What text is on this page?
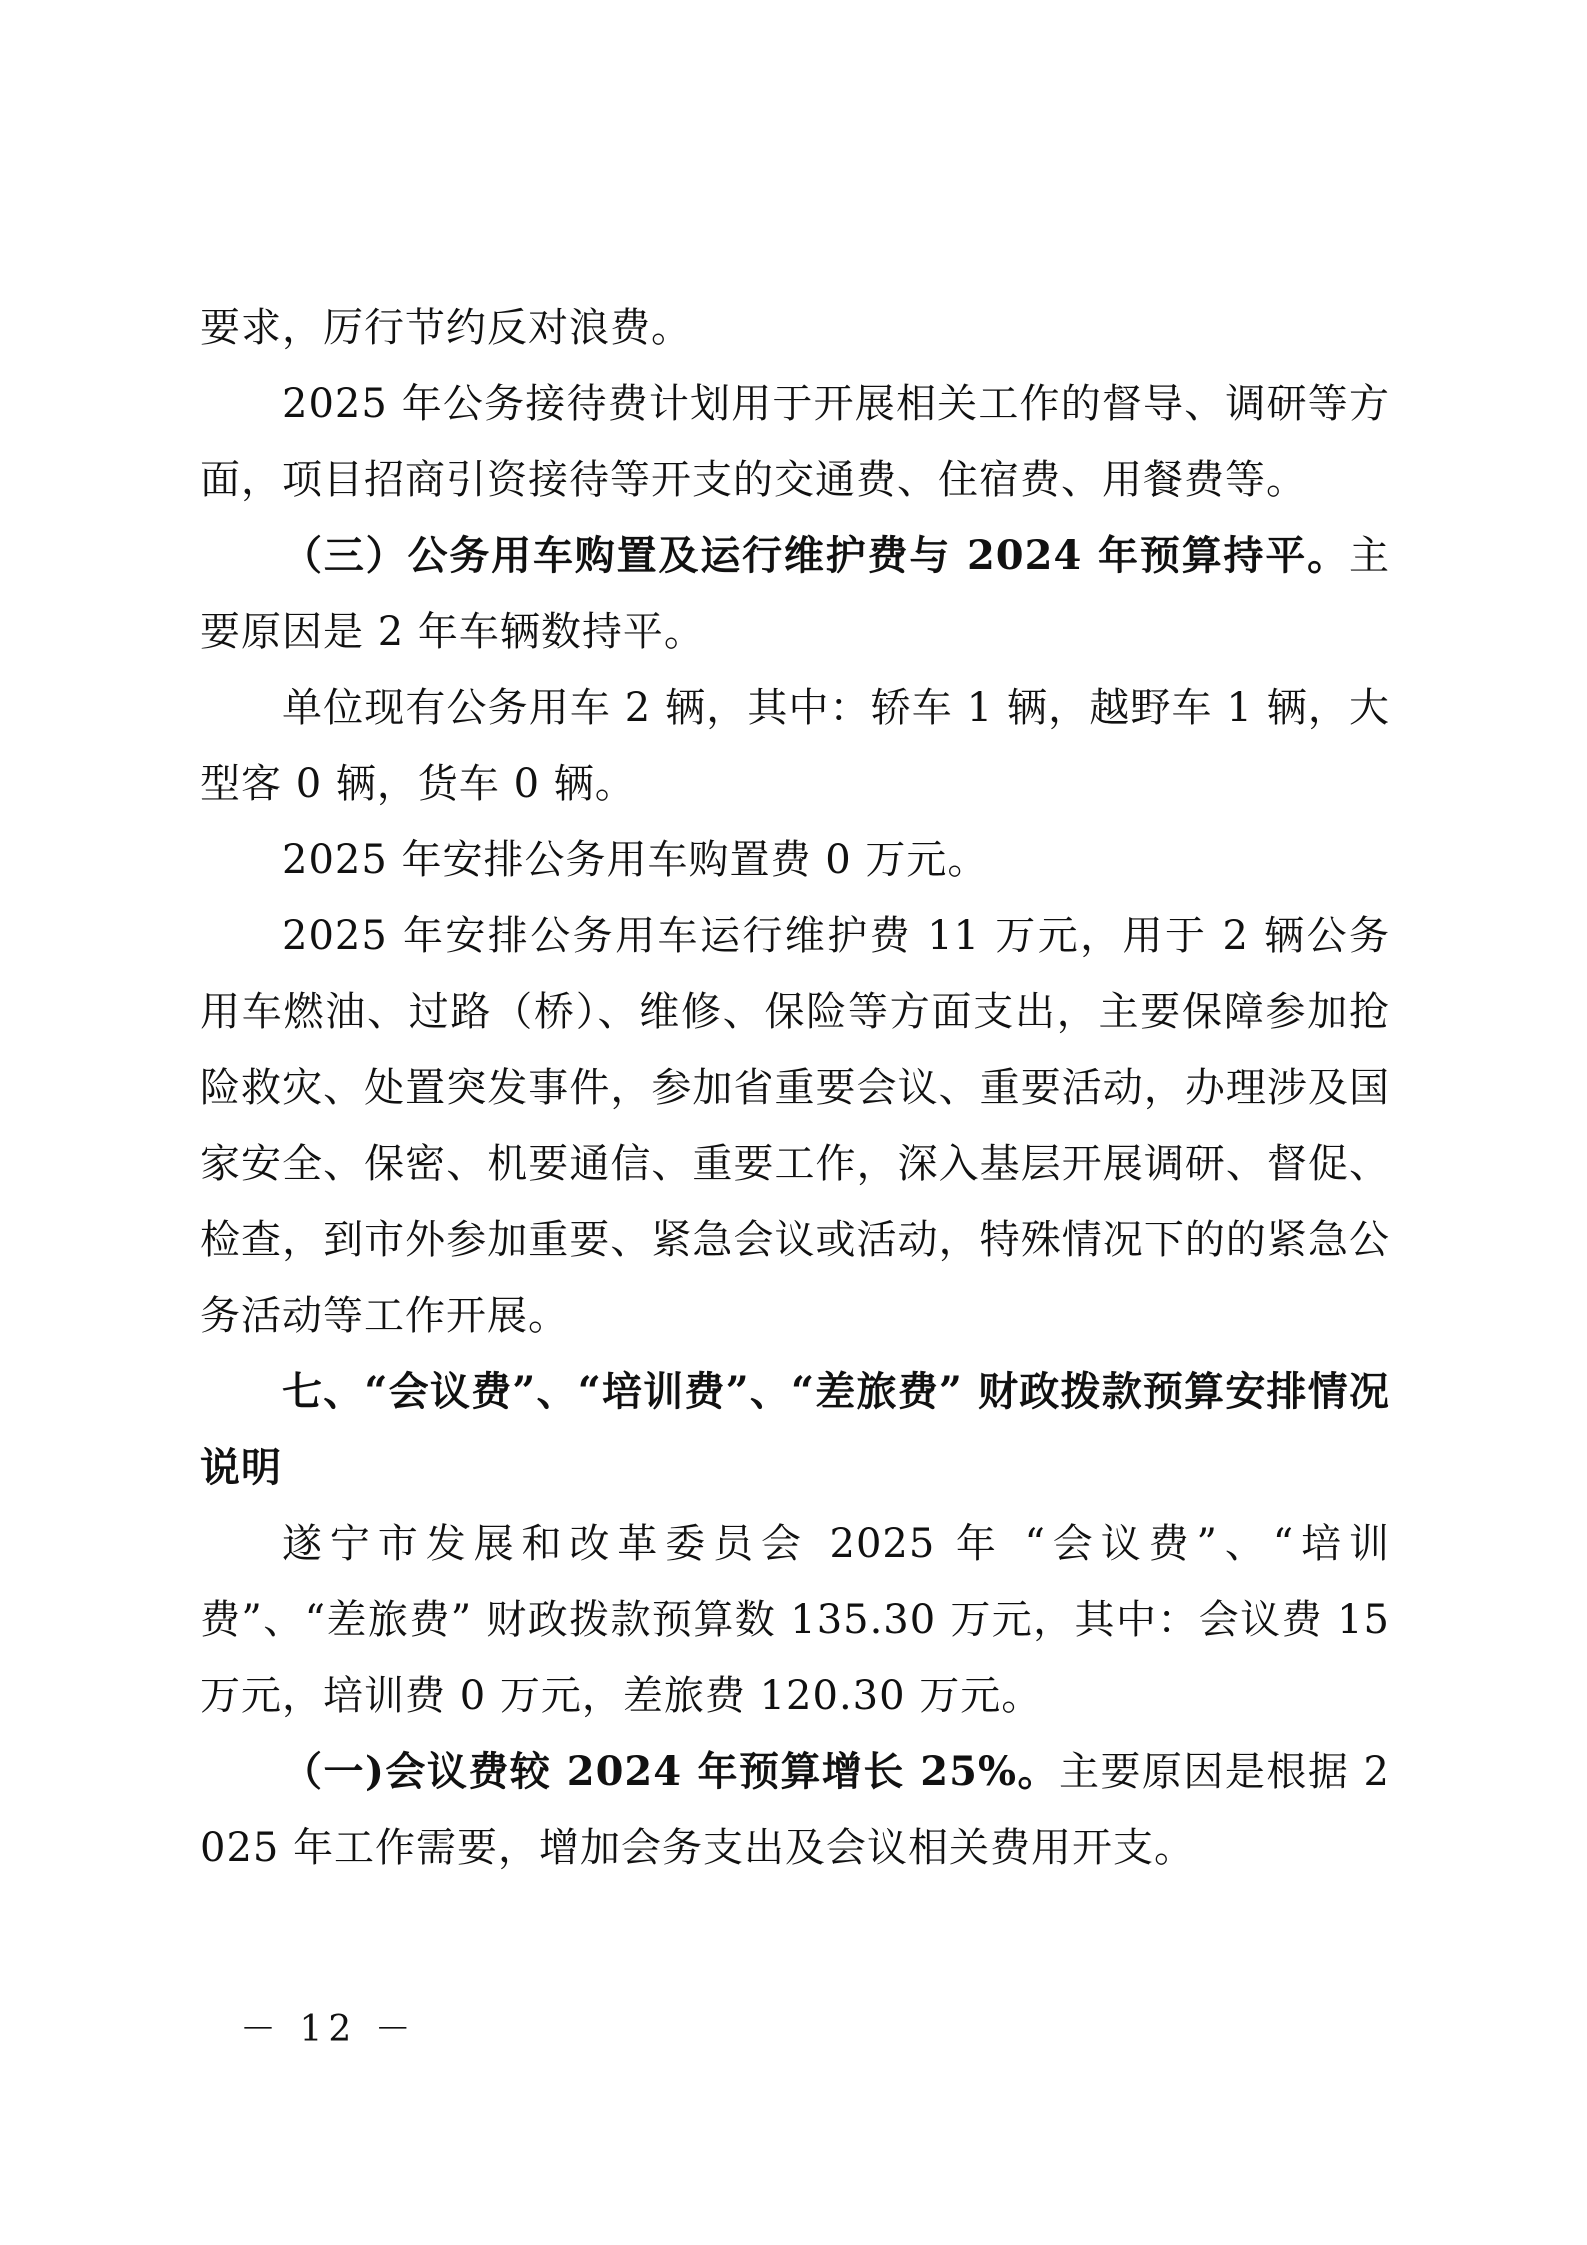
要求，厉行节约反对浪费。

2025 年公务接待费计划用于开展相关工作的督导、调研等方面，项目招商引资接待等开支的交通费、住宿费、用餐费等。

（三）公务用车购置及运行维护费与 2024 年预算持平。主要原因是 2 年车辆数持平。

单位现有公务用车 2 辆，其中：轿车 1 辆，越野车 1 辆，大型客 0 辆，货车 0 辆。

2025 年安排公务用车购置费 0 万元。

2025 年安排公务用车运行维护费 11 万元，用于 2 辆公务用车燃油、过路（桥）、维修、保险等方面支出，主要保障参加抢险救灾、处置突发事件，参加省重要会议、重要活动，办理涉及国家安全、保密、机要通信、重要工作，深入基层开展调研、督促、检查，到市外参加重要、紧急会议或活动，特殊情况下的的紧急公务活动等工作开展。

七、“会议费”、“培训费”、“差旅费” 财政拨款预算安排情况说明

遂宁市发展和改革委员会 2025 年 “会议费”、“培训费”、“差旅费” 财政拨款预算数 135.30 万元，其中：会议费 15 万元，培训费 0 万元，差旅费 120.30 万元。

（一)会议费较 2024 年预算增长 25%。主要原因是根据 2025 年工作需要，增加会务支出及会议相关费用开支。

－ 12 －
